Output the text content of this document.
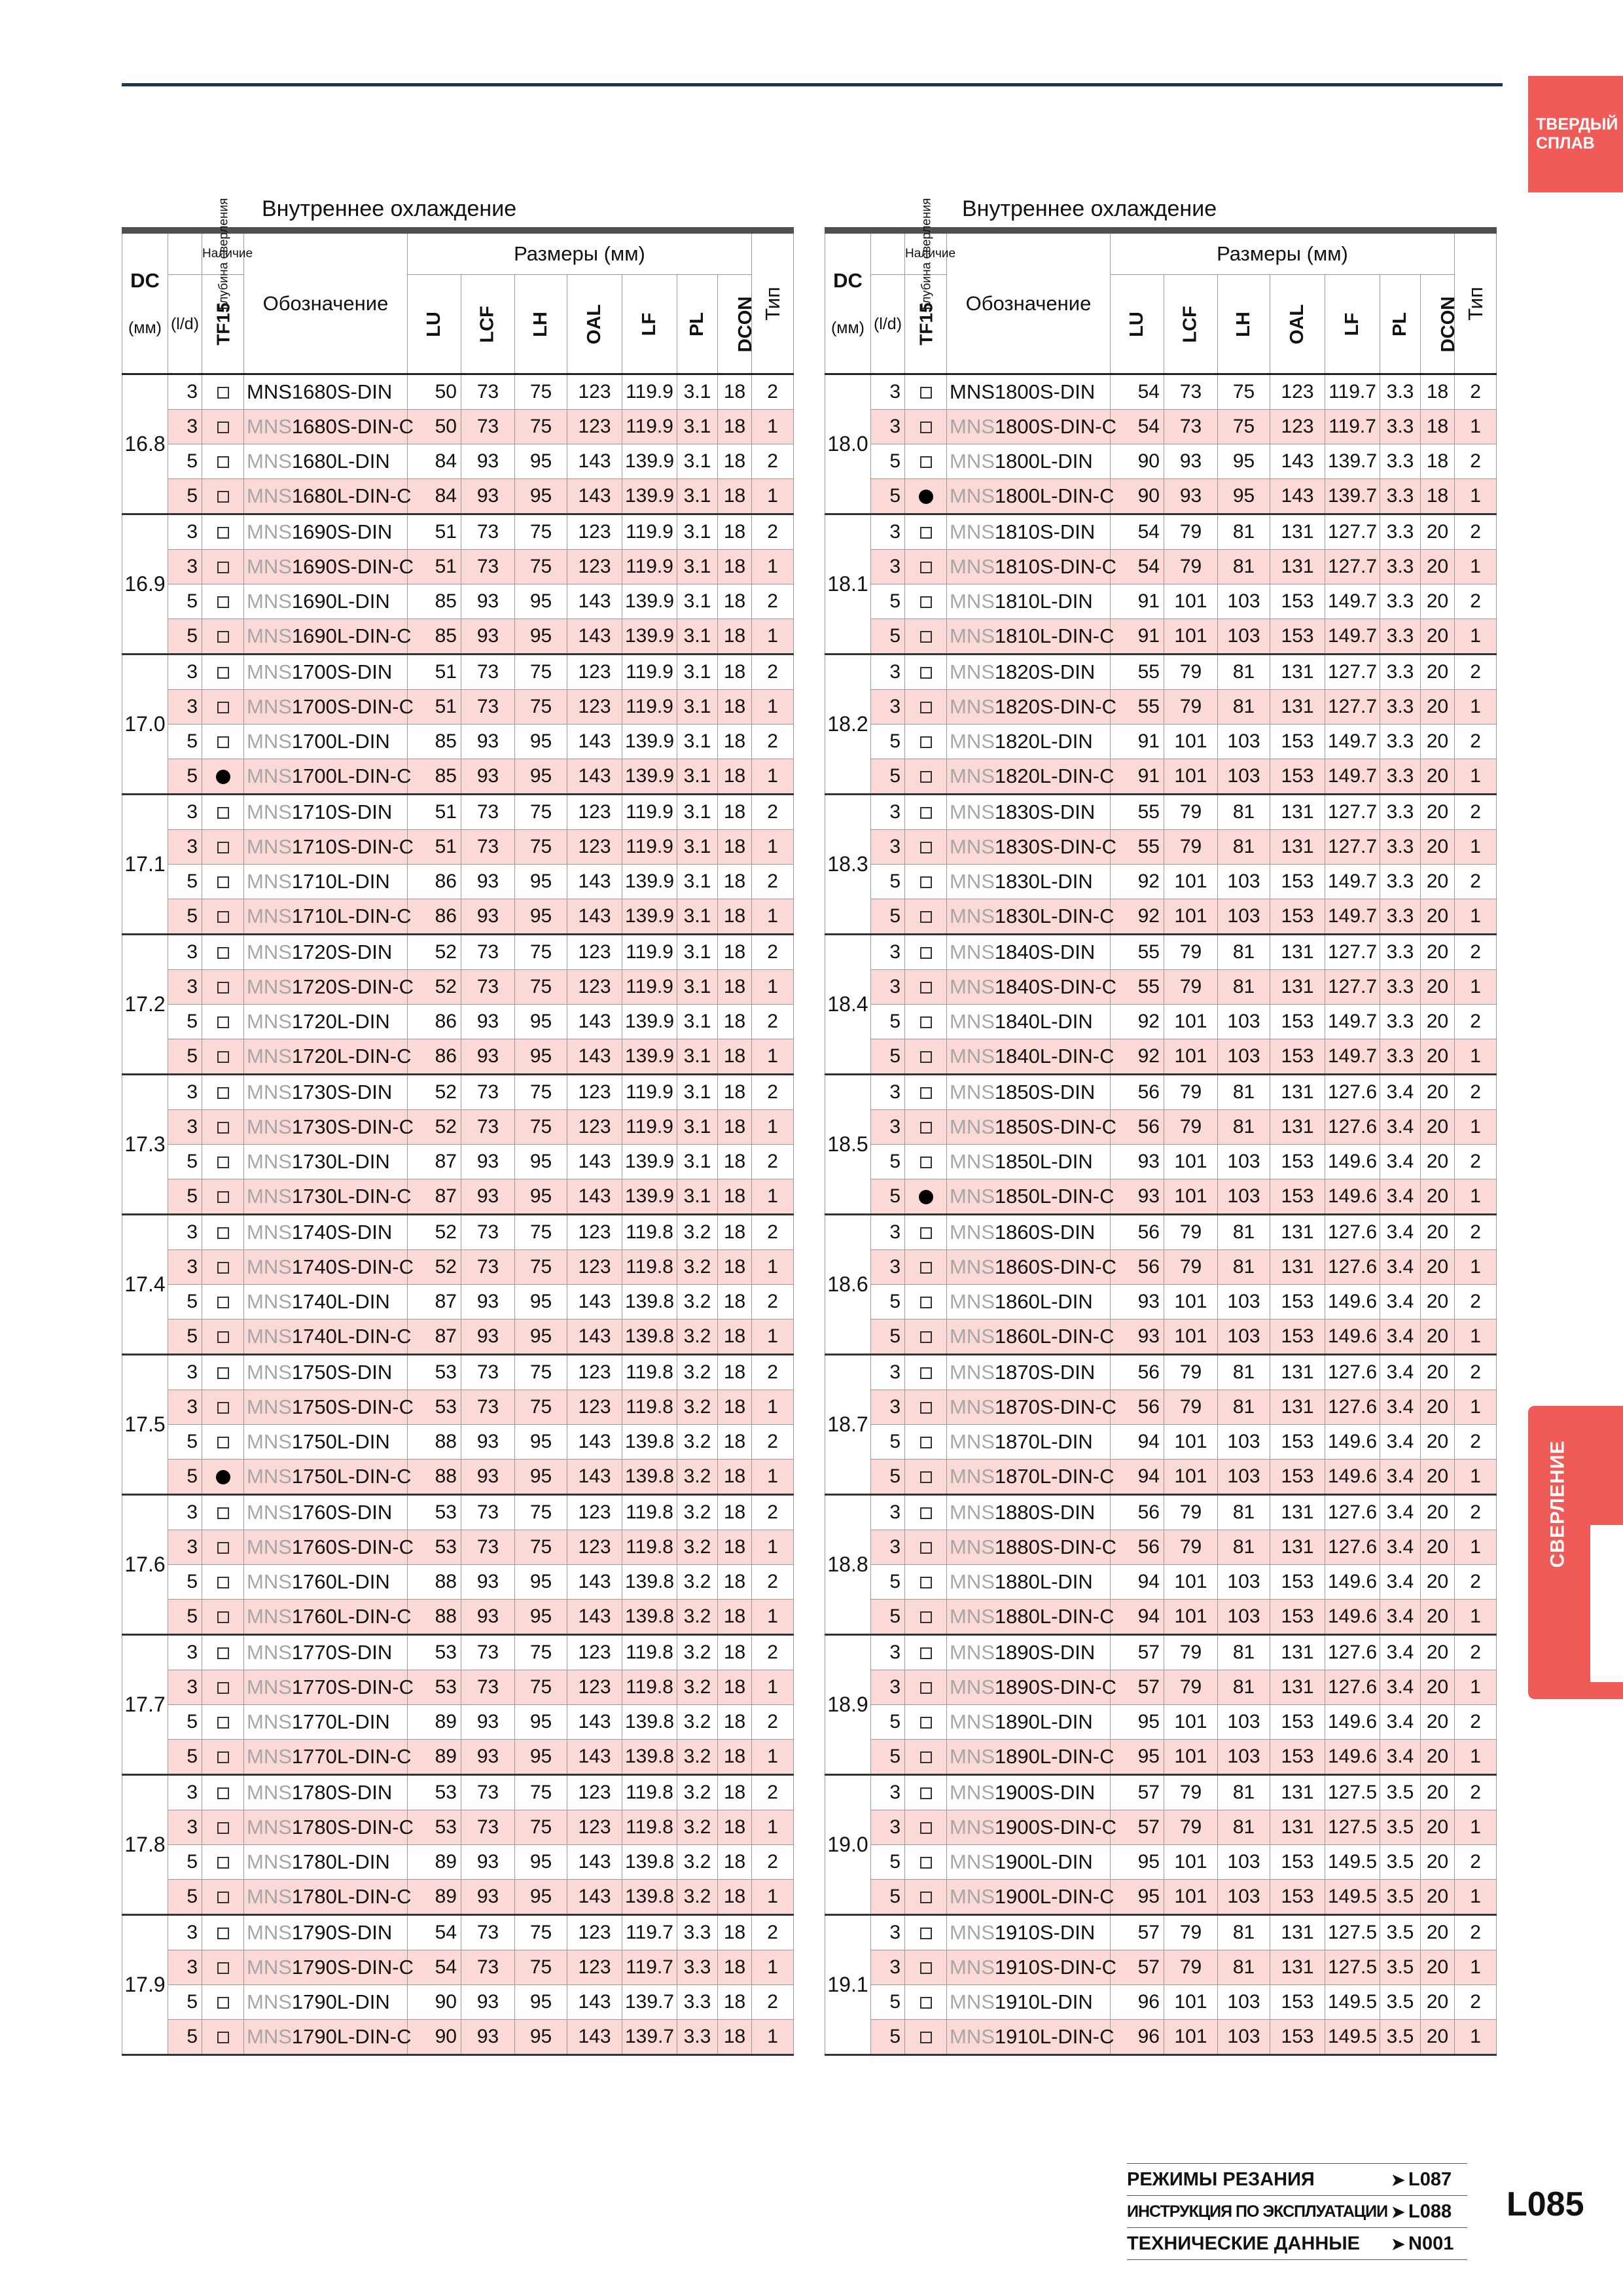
ТВЕРДЫЙ
СПЛАВ
СВЕРЛЕНИЕ
Внутреннее охлаждение	Внутреннее охлаждение

DC
(мм)	Глубина сверления	Наличие	Обозначение	Размеры (мм)							Тип
		TF15		LU	LCF	LH	OAL	LF	PL	DCON	
	(l/d)										
16.8	3		MNS1680S-DIN	50	73	75	123	119.9	3.1	18	2
	3		MNS1680S-DIN-C	50	73	75	123	119.9	3.1	18	1
	5		MNS1680L-DIN	84	93	95	143	139.9	3.1	18	2
	5		MNS1680L-DIN-C	84	93	95	143	139.9	3.1	18	1
16.9	3		MNS1690S-DIN	51	73	75	123	119.9	3.1	18	2
	3		MNS1690S-DIN-C	51	73	75	123	119.9	3.1	18	1
	5		MNS1690L-DIN	85	93	95	143	139.9	3.1	18	2
	5		MNS1690L-DIN-C	85	93	95	143	139.9	3.1	18	1
17.0	3		MNS1700S-DIN	51	73	75	123	119.9	3.1	18	2
	3		MNS1700S-DIN-C	51	73	75	123	119.9	3.1	18	1
	5		MNS1700L-DIN	85	93	95	143	139.9	3.1	18	2
	5		MNS1700L-DIN-C	85	93	95	143	139.9	3.1	18	1
17.1	3		MNS1710S-DIN	51	73	75	123	119.9	3.1	18	2
	3		MNS1710S-DIN-C	51	73	75	123	119.9	3.1	18	1
	5		MNS1710L-DIN	86	93	95	143	139.9	3.1	18	2
	5		MNS1710L-DIN-C	86	93	95	143	139.9	3.1	18	1
17.2	3		MNS1720S-DIN	52	73	75	123	119.9	3.1	18	2
	3		MNS1720S-DIN-C	52	73	75	123	119.9	3.1	18	1
	5		MNS1720L-DIN	86	93	95	143	139.9	3.1	18	2
	5		MNS1720L-DIN-C	86	93	95	143	139.9	3.1	18	1
17.3	3		MNS1730S-DIN	52	73	75	123	119.9	3.1	18	2
	3		MNS1730S-DIN-C	52	73	75	123	119.9	3.1	18	1
	5		MNS1730L-DIN	87	93	95	143	139.9	3.1	18	2
	5		MNS1730L-DIN-C	87	93	95	143	139.9	3.1	18	1
17.4	3		MNS1740S-DIN	52	73	75	123	119.8	3.2	18	2
	3		MNS1740S-DIN-C	52	73	75	123	119.8	3.2	18	1
	5		MNS1740L-DIN	87	93	95	143	139.8	3.2	18	2
	5		MNS1740L-DIN-C	87	93	95	143	139.8	3.2	18	1
17.5	3		MNS1750S-DIN	53	73	75	123	119.8	3.2	18	2
	3		MNS1750S-DIN-C	53	73	75	123	119.8	3.2	18	1
	5		MNS1750L-DIN	88	93	95	143	139.8	3.2	18	2
	5		MNS1750L-DIN-C	88	93	95	143	139.8	3.2	18	1
17.6	3		MNS1760S-DIN	53	73	75	123	119.8	3.2	18	2
	3		MNS1760S-DIN-C	53	73	75	123	119.8	3.2	18	1
	5		MNS1760L-DIN	88	93	95	143	139.8	3.2	18	2
	5		MNS1760L-DIN-C	88	93	95	143	139.8	3.2	18	1
17.7	3		MNS1770S-DIN	53	73	75	123	119.8	3.2	18	2
	3		MNS1770S-DIN-C	53	73	75	123	119.8	3.2	18	1
	5		MNS1770L-DIN	89	93	95	143	139.8	3.2	18	2
	5		MNS1770L-DIN-C	89	93	95	143	139.8	3.2	18	1
17.8	3		MNS1780S-DIN	53	73	75	123	119.8	3.2	18	2
	3		MNS1780S-DIN-C	53	73	75	123	119.8	3.2	18	1
	5		MNS1780L-DIN	89	93	95	143	139.8	3.2	18	2
	5		MNS1780L-DIN-C	89	93	95	143	139.8	3.2	18	1
17.9	3		MNS1790S-DIN	54	73	75	123	119.7	3.3	18	2
	3		MNS1790S-DIN-C	54	73	75	123	119.7	3.3	18	1
	5		MNS1790L-DIN	90	93	95	143	139.7	3.3	18	2
	5		MNS1790L-DIN-C	90	93	95	143	139.7	3.3	18	1

DC
(мм)	Глубина сверления	Наличие	Обозначение	Размеры (мм)							Тип
		TF15		LU	LCF	LH	OAL	LF	PL	DCON	
	(l/d)										
18.0	3		MNS1800S-DIN	54	73	75	123	119.7	3.3	18	2
	3		MNS1800S-DIN-C	54	73	75	123	119.7	3.3	18	1
	5		MNS1800L-DIN	90	93	95	143	139.7	3.3	18	2
	5		MNS1800L-DIN-C	90	93	95	143	139.7	3.3	18	1
18.1	3		MNS1810S-DIN	54	79	81	131	127.7	3.3	20	2
	3		MNS1810S-DIN-C	54	79	81	131	127.7	3.3	20	1
	5		MNS1810L-DIN	91	101	103	153	149.7	3.3	20	2
	5		MNS1810L-DIN-C	91	101	103	153	149.7	3.3	20	1
18.2	3		MNS1820S-DIN	55	79	81	131	127.7	3.3	20	2
	3		MNS1820S-DIN-C	55	79	81	131	127.7	3.3	20	1
	5		MNS1820L-DIN	91	101	103	153	149.7	3.3	20	2
	5		MNS1820L-DIN-C	91	101	103	153	149.7	3.3	20	1
18.3	3		MNS1830S-DIN	55	79	81	131	127.7	3.3	20	2
	3		MNS1830S-DIN-C	55	79	81	131	127.7	3.3	20	1
	5		MNS1830L-DIN	92	101	103	153	149.7	3.3	20	2
	5		MNS1830L-DIN-C	92	101	103	153	149.7	3.3	20	1
18.4	3		MNS1840S-DIN	55	79	81	131	127.7	3.3	20	2
	3		MNS1840S-DIN-C	55	79	81	131	127.7	3.3	20	1
	5		MNS1840L-DIN	92	101	103	153	149.7	3.3	20	2
	5		MNS1840L-DIN-C	92	101	103	153	149.7	3.3	20	1
18.5	3		MNS1850S-DIN	56	79	81	131	127.6	3.4	20	2
	3		MNS1850S-DIN-C	56	79	81	131	127.6	3.4	20	1
	5		MNS1850L-DIN	93	101	103	153	149.6	3.4	20	2
	5		MNS1850L-DIN-C	93	101	103	153	149.6	3.4	20	1
18.6	3		MNS1860S-DIN	56	79	81	131	127.6	3.4	20	2
	3		MNS1860S-DIN-C	56	79	81	131	127.6	3.4	20	1
	5		MNS1860L-DIN	93	101	103	153	149.6	3.4	20	2
	5		MNS1860L-DIN-C	93	101	103	153	149.6	3.4	20	1
18.7	3		MNS1870S-DIN	56	79	81	131	127.6	3.4	20	2
	3		MNS1870S-DIN-C	56	79	81	131	127.6	3.4	20	1
	5		MNS1870L-DIN	94	101	103	153	149.6	3.4	20	2
	5		MNS1870L-DIN-C	94	101	103	153	149.6	3.4	20	1
18.8	3		MNS1880S-DIN	56	79	81	131	127.6	3.4	20	2
	3		MNS1880S-DIN-C	56	79	81	131	127.6	3.4	20	1
	5		MNS1880L-DIN	94	101	103	153	149.6	3.4	20	2
	5		MNS1880L-DIN-C	94	101	103	153	149.6	3.4	20	1
18.9	3		MNS1890S-DIN	57	79	81	131	127.6	3.4	20	2
	3		MNS1890S-DIN-C	57	79	81	131	127.6	3.4	20	1
	5		MNS1890L-DIN	95	101	103	153	149.6	3.4	20	2
	5		MNS1890L-DIN-C	95	101	103	153	149.6	3.4	20	1
19.0	3		MNS1900S-DIN	57	79	81	131	127.5	3.5	20	2
	3		MNS1900S-DIN-C	57	79	81	131	127.5	3.5	20	1
	5		MNS1900L-DIN	95	101	103	153	149.5	3.5	20	2
	5		MNS1900L-DIN-C	95	101	103	153	149.5	3.5	20	1
19.1	3		MNS1910S-DIN	57	79	81	131	127.5	3.5	20	2
	3		MNS1910S-DIN-C	57	79	81	131	127.5	3.5	20	1
	5		MNS1910L-DIN	96	101	103	153	149.5	3.5	20	2
	5		MNS1910L-DIN-C	96	101	103	153	149.5	3.5	20	1
РЕЖИМЫ РЕЗАНИЯ	➤ L087
ИНСТРУКЦИЯ ПО ЭКСПЛУАТАЦИИ ➤ L088
ТЕХНИЧЕСКИЕ ДАННЫЕ	➤ N001
L085
